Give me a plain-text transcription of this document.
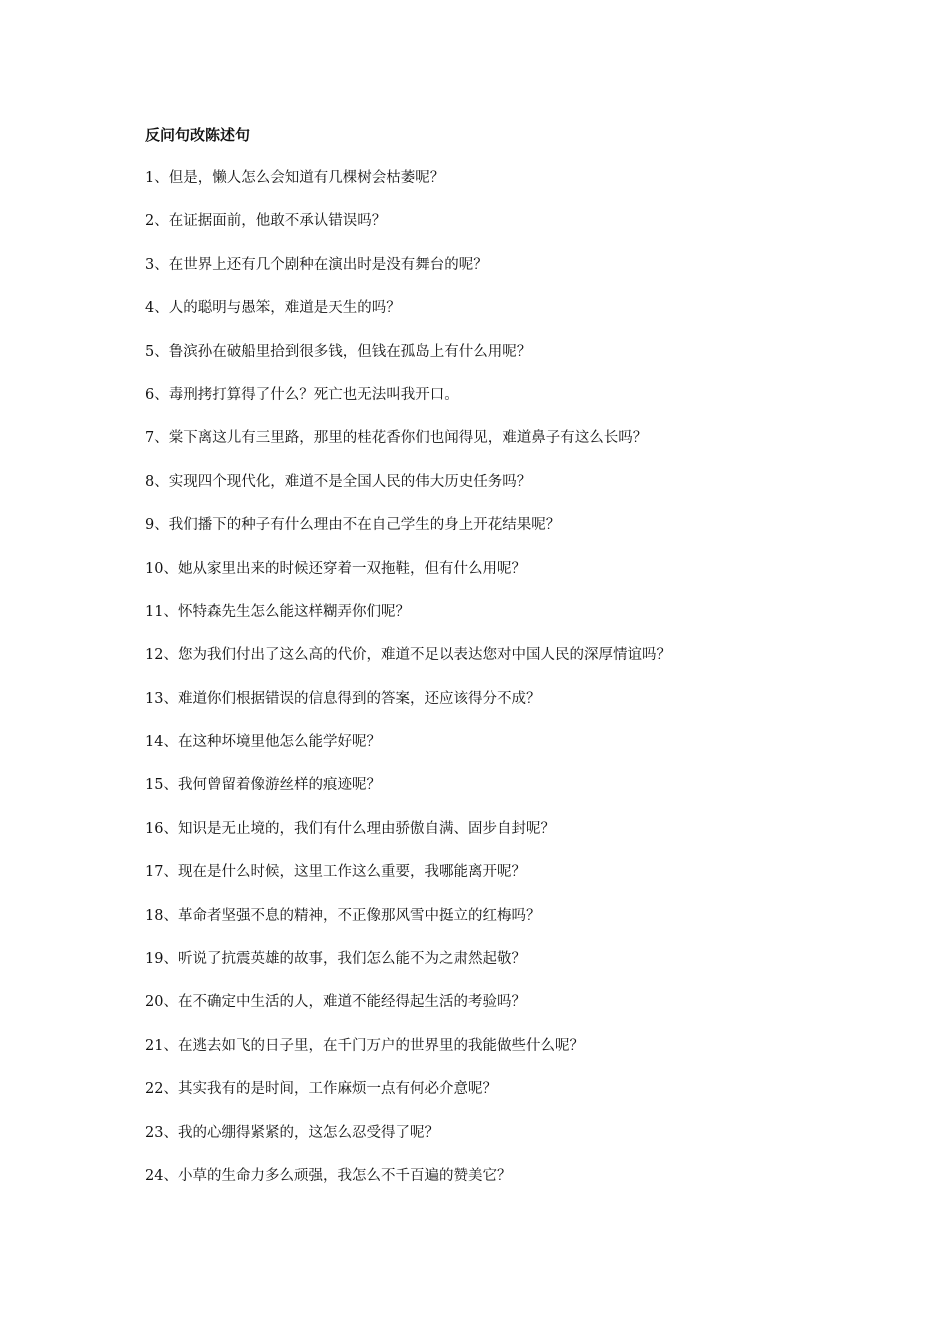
反问句改陈述句
1、但是，懒人怎么会知道有几棵树会枯萎呢？
2、在证据面前，他敢不承认错误吗？
3、在世界上还有几个剧种在演出时是没有舞台的呢？
4、人的聪明与愚笨，难道是天生的吗？
5、鲁滨孙在破船里拾到很多钱，但钱在孤岛上有什么用呢？
6、毒刑拷打算得了什么？死亡也无法叫我开口。
7、棠下离这儿有三里路，那里的桂花香你们也闻得见，难道鼻子有这么长吗？
8、实现四个现代化，难道不是全国人民的伟大历史任务吗？
9、我们播下的种子有什么理由不在自己学生的身上开花结果呢？
10、她从家里出来的时候还穿着一双拖鞋，但有什么用呢？
11、怀特森先生怎么能这样糊弄你们呢？
12、您为我们付出了这么高的代价，难道不足以表达您对中国人民的深厚情谊吗？
13、难道你们根据错误的信息得到的答案，还应该得分不成？
14、在这种坏境里他怎么能学好呢？
15、我何曾留着像游丝样的痕迹呢？
16、知识是无止境的，我们有什么理由骄傲自满、固步自封呢？
17、现在是什么时候，这里工作这么重要，我哪能离开呢？
18、革命者坚强不息的精神，不正像那风雪中挺立的红梅吗？
19、听说了抗震英雄的故事，我们怎么能不为之肃然起敬？
20、在不确定中生活的人，难道不能经得起生活的考验吗？
21、在逃去如飞的日子里，在千门万户的世界里的我能做些什么呢？
22、其实我有的是时间，工作麻烦一点有何必介意呢？
23、我的心绷得紧紧的，这怎么忍受得了呢？
24、小草的生命力多么顽强，我怎么不千百遍的赞美它？
